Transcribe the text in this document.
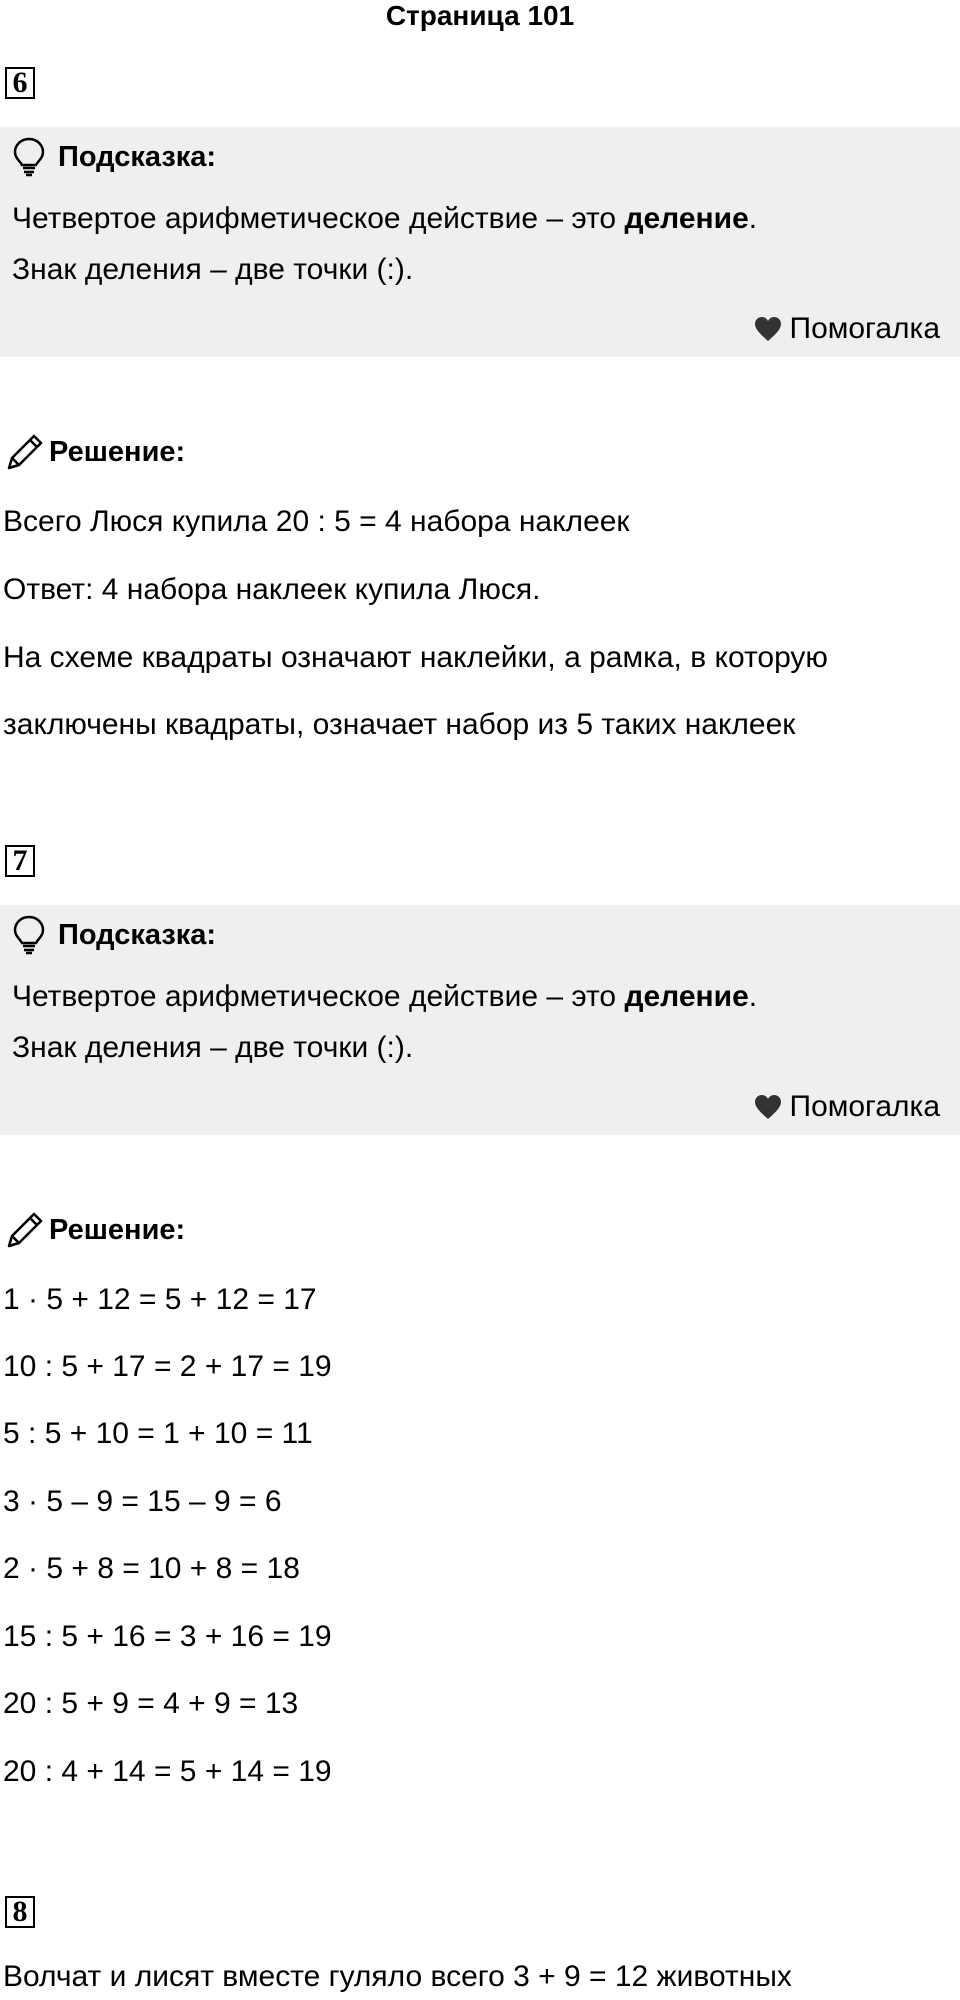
Страница 101
6
Подсказка:
Четвертое арифметическое действие – это деление.
Знак деления – две точки (:).
Помогалка
Решение:
Всего Люся купила 20 : 5 = 4 набора наклеек
Ответ: 4 набора наклеек купила Люся.
На схеме квадраты означают наклейки, а рамка, в которую
заключены квадраты, означает набор из 5 таких наклеек
7
Подсказка:
Четвертое арифметическое действие – это деление.
Знак деления – две точки (:).
Помогалка
Решение:
1 · 5 + 12 = 5 + 12 = 17
10 : 5 + 17 = 2 + 17 = 19
5 : 5 + 10 = 1 + 10 = 11
3 · 5 – 9 = 15 – 9 = 6
2 · 5 + 8 = 10 + 8 = 18
15 : 5 + 16 = 3 + 16 = 19
20 : 5 + 9 = 4 + 9 = 13
20 : 4 + 14 = 5 + 14 = 19
8
Волчат и лисят вместе гуляло всего 3 + 9 = 12 животных
